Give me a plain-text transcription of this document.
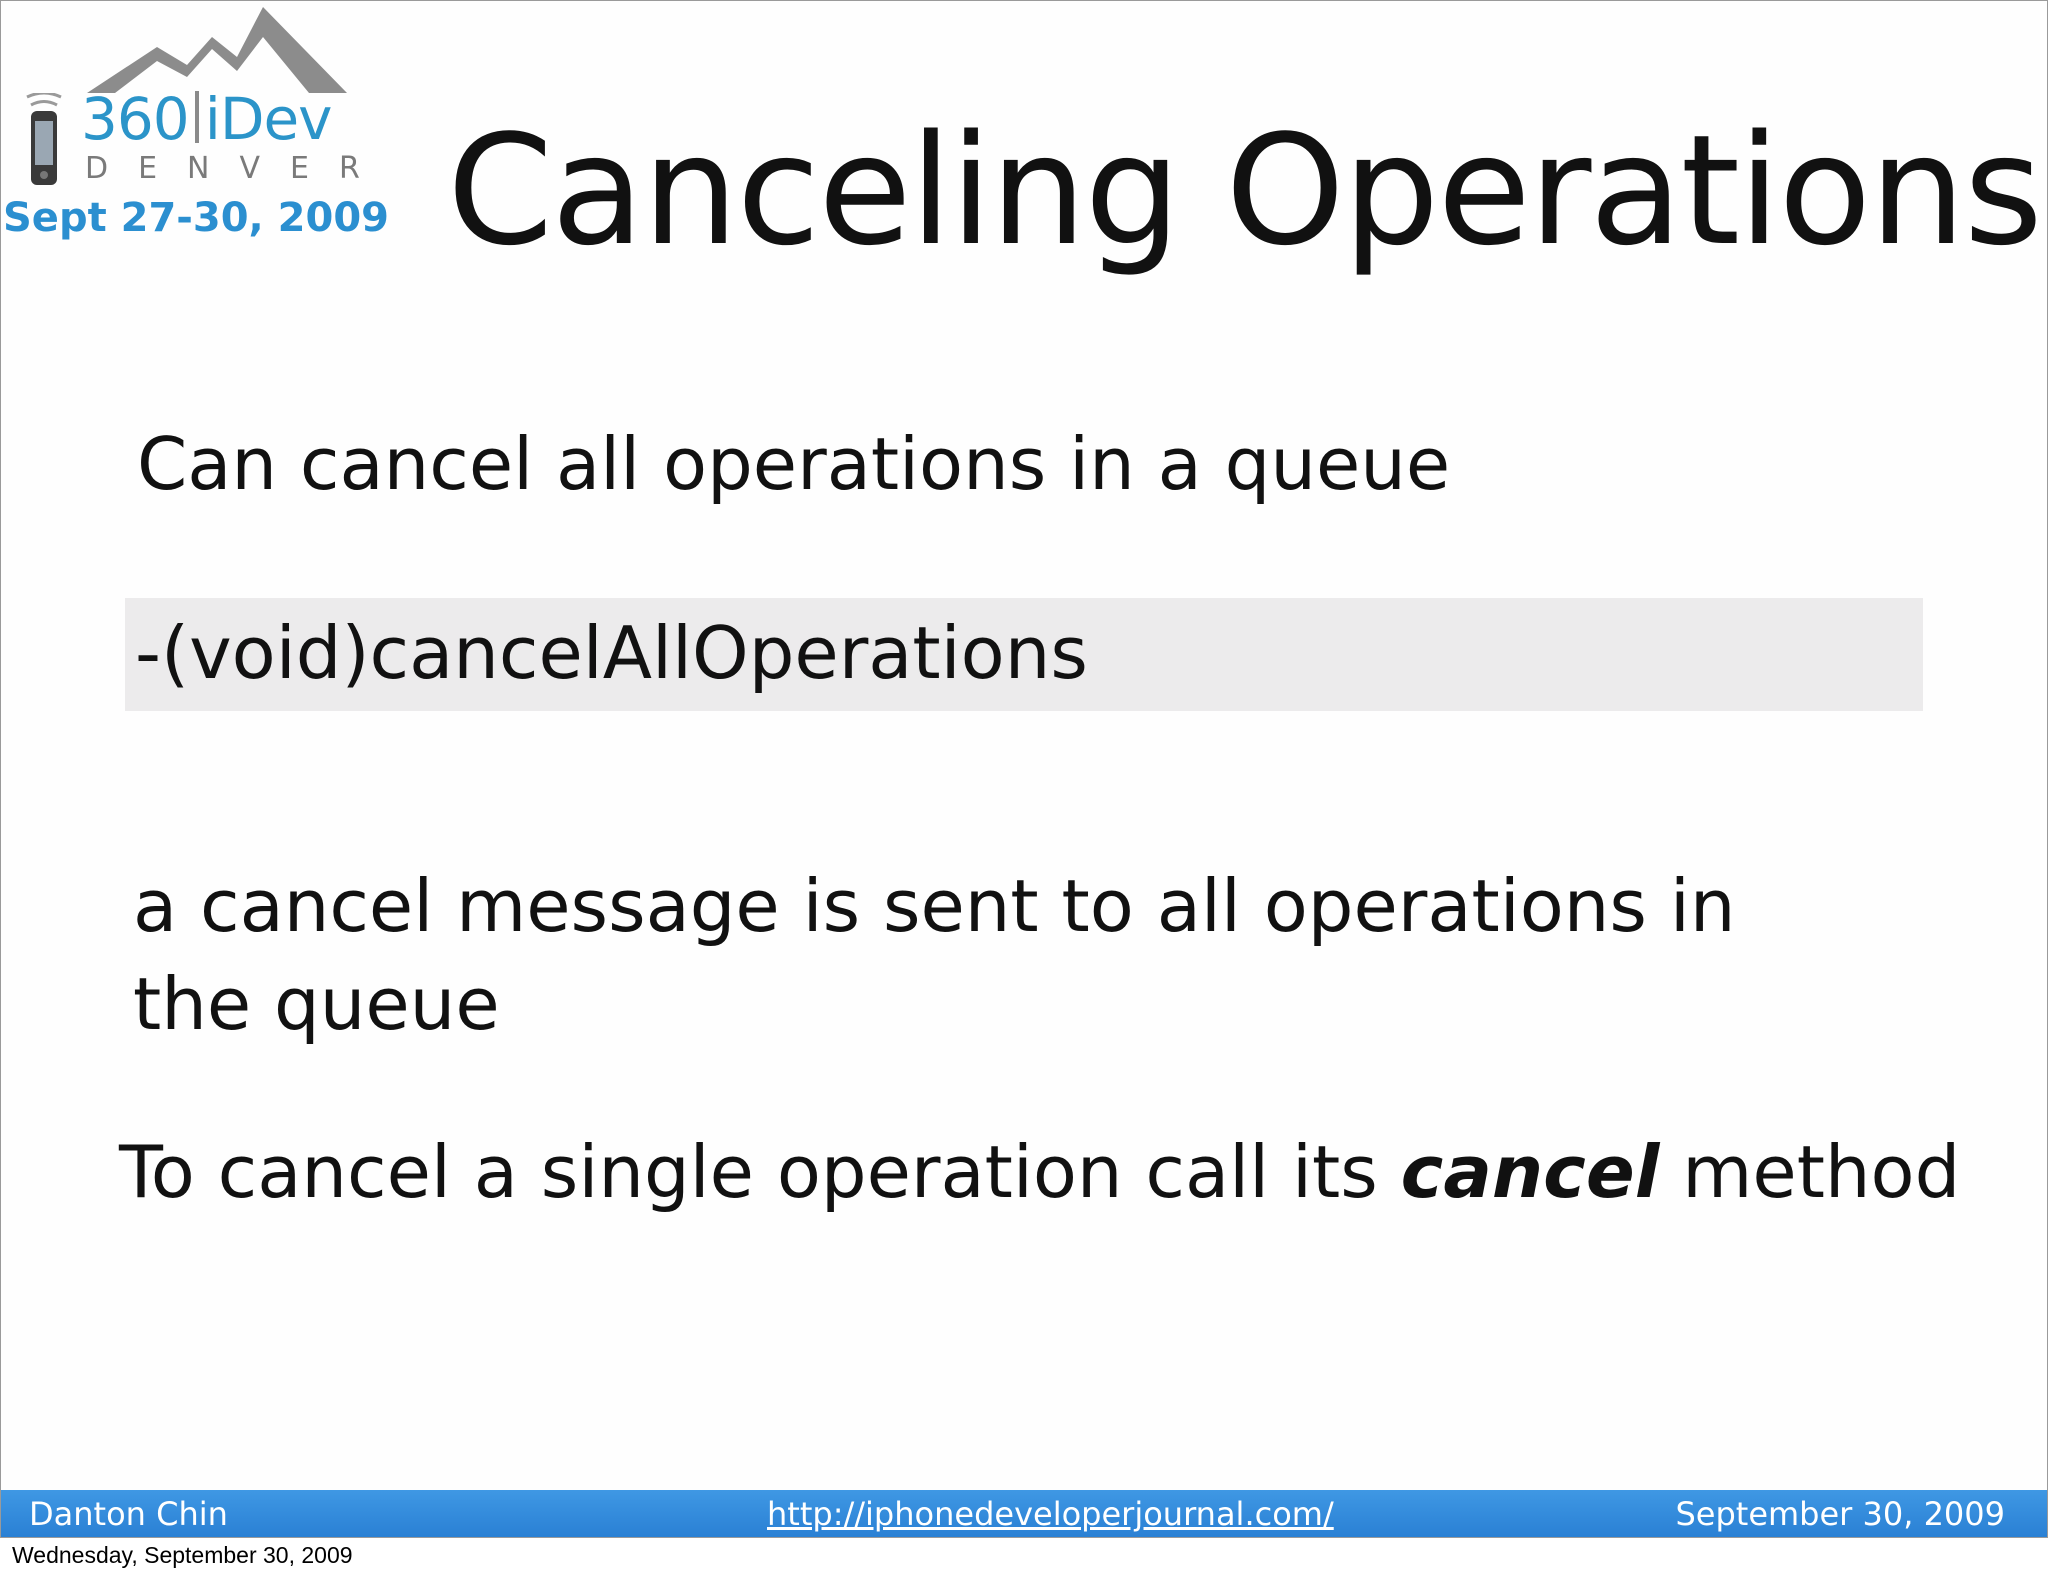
360 iDev
DENVER
Sept 27-30, 2009 Canceling Operations
Can cancel all operations in a queue
-(void)cancelAllOperations
a cancel message is sent to all operations in the queue
To cancel a single operation call its cancel method
Danton Chin	http://iphonedeveloperjournal.com/	September 30, 2009
Wednesday, September 30, 2009
